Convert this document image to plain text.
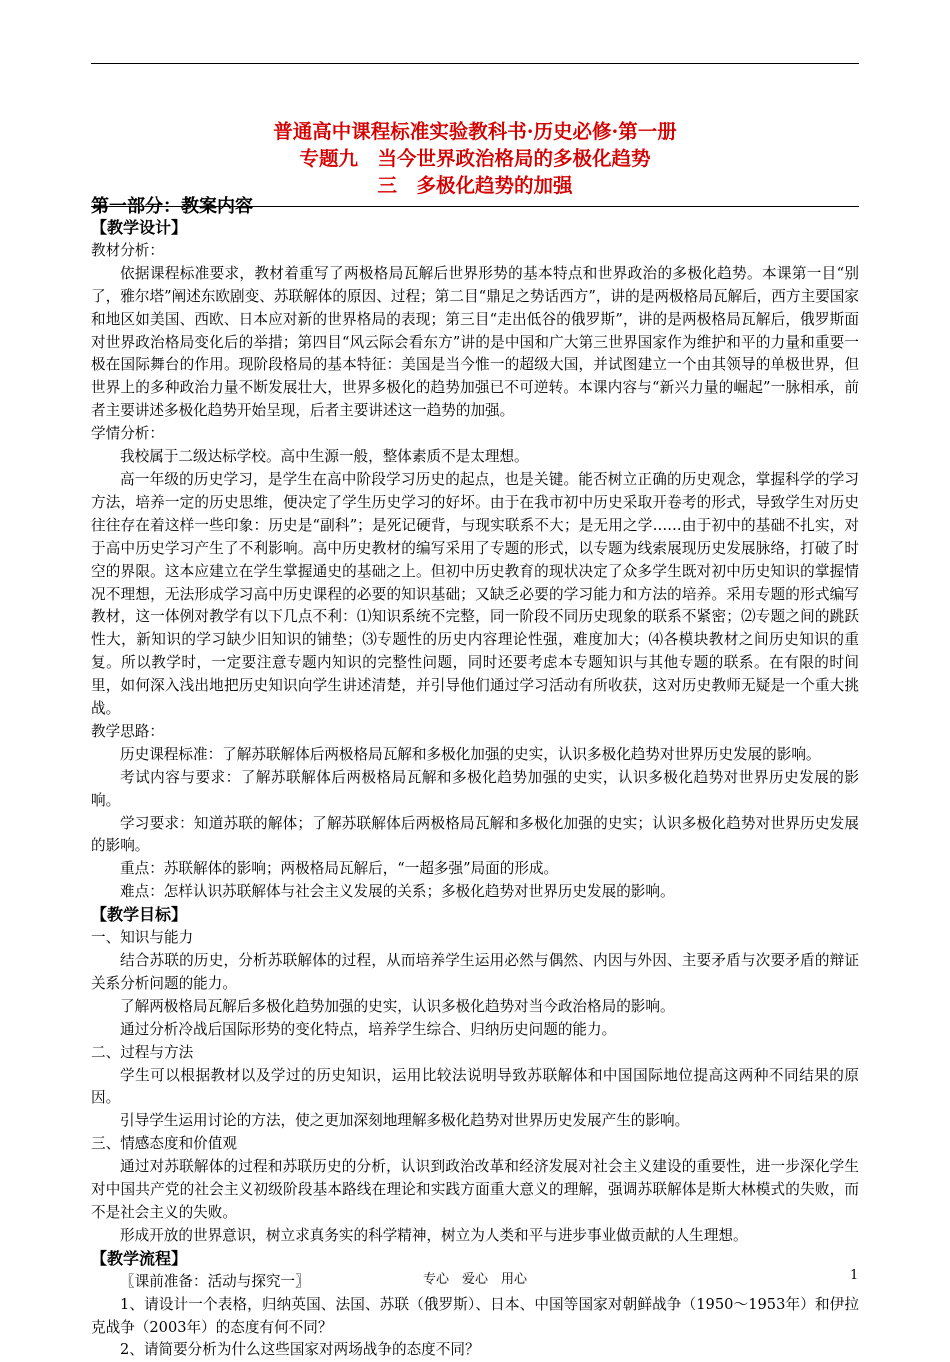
普通高中课程标准实验教科书·历史必修·第一册
专题九　当今世界政治格局的多极化趋势
三　多极化趋势的加强
第一部分：教案内容

【教学设计】

教材分析：

依据课程标准要求，教材着重写了两极格局瓦解后世界形势的基本特点和世界政治的多极化趋势。本课第一目“别了，雅尔塔”阐述东欧剧变、苏联解体的原因、过程；第二目“鼎足之势话西方”，讲的是两极格局瓦解后，西方主要国家和地区如美国、西欧、日本应对新的世界格局的表现；第三目“走出低谷的俄罗斯”，讲的是两极格局瓦解后，俄罗斯面对世界政治格局变化后的举措；第四目“风云际会看东方”讲的是中国和广大第三世界国家作为维护和平的力量和重要一极在国际舞台的作用。现阶段格局的基本特征：美国是当今惟一的超级大国，并试图建立一个由其领导的单极世界，但世界上的多种政治力量不断发展壮大，世界多极化的趋势加强已不可逆转。本课内容与“新兴力量的崛起”一脉相承，前者主要讲述多极化趋势开始呈现，后者主要讲述这一趋势的加强。

学情分析：

我校属于二级达标学校。高中生源一般，整体素质不是太理想。

高一年级的历史学习，是学生在高中阶段学习历史的起点，也是关键。能否树立正确的历史观念，掌握科学的学习方法，培养一定的历史思维，便决定了学生历史学习的好坏。由于在我市初中历史采取开卷考的形式，导致学生对历史往往存在着这样一些印象：历史是“副科”；是死记硬背，与现实联系不大；是无用之学……由于初中的基础不扎实，对于高中历史学习产生了不利影响。高中历史教材的编写采用了专题的形式，以专题为线索展现历史发展脉络，打破了时空的界限。这本应建立在学生掌握通史的基础之上。但初中历史教育的现状决定了众多学生既对初中历史知识的掌握情况不理想，无法形成学习高中历史课程的必要的知识基础；又缺乏必要的学习能力和方法的培养。采用专题的形式编写教材，这一体例对教学有以下几点不利：⑴知识系统不完整，同一阶段不同历史现象的联系不紧密；⑵专题之间的跳跃性大，新知识的学习缺少旧知识的铺垫；⑶专题性的历史内容理论性强，难度加大；⑷各模块教材之间历史知识的重复。所以教学时，一定要注意专题内知识的完整性问题，同时还要考虑本专题知识与其他专题的联系。在有限的时间里，如何深入浅出地把历史知识向学生讲述清楚，并引导他们通过学习活动有所收获，这对历史教师无疑是一个重大挑战。

教学思路：

历史课程标准：了解苏联解体后两极格局瓦解和多极化加强的史实，认识多极化趋势对世界历史发展的影响。

考试内容与要求：了解苏联解体后两极格局瓦解和多极化趋势加强的史实，认识多极化趋势对世界历史发展的影响。

学习要求：知道苏联的解体；了解苏联解体后两极格局瓦解和多极化加强的史实；认识多极化趋势对世界历史发展的影响。

重点：苏联解体的影响；两极格局瓦解后，“一超多强”局面的形成。

难点：怎样认识苏联解体与社会主义发展的关系；多极化趋势对世界历史发展的影响。

【教学目标】

一、知识与能力

结合苏联的历史，分析苏联解体的过程，从而培养学生运用必然与偶然、内因与外因、主要矛盾与次要矛盾的辩证关系分析问题的能力。

了解两极格局瓦解后多极化趋势加强的史实，认识多极化趋势对当今政治格局的影响。

通过分析冷战后国际形势的变化特点，培养学生综合、归纳历史问题的能力。

二、过程与方法

学生可以根据教材以及学过的历史知识，运用比较法说明导致苏联解体和中国国际地位提高这两种不同结果的原因。

引导学生运用讨论的方法，使之更加深刻地理解多极化趋势对世界历史发展产生的影响。

三、情感态度和价值观

通过对苏联解体的过程和苏联历史的分析，认识到政治改革和经济发展对社会主义建设的重要性，进一步深化学生对中国共产党的社会主义初级阶段基本路线在理论和实践方面重大意义的理解，强调苏联解体是斯大林模式的失败，而不是社会主义的失败。

形成开放的世界意识，树立求真务实的科学精神，树立为人类和平与进步事业做贡献的人生理想。

【教学流程】

〖课前准备：活动与探究一〗

1、请设计一个表格，归纳英国、法国、苏联（俄罗斯）、日本、中国等国家对朝鲜战争（1950～1953年）和伊拉克战争（2003年）的态度有何不同？

2、请简要分析为什么这些国家对两场战争的态度不同？

专心　爱心　用心	1
